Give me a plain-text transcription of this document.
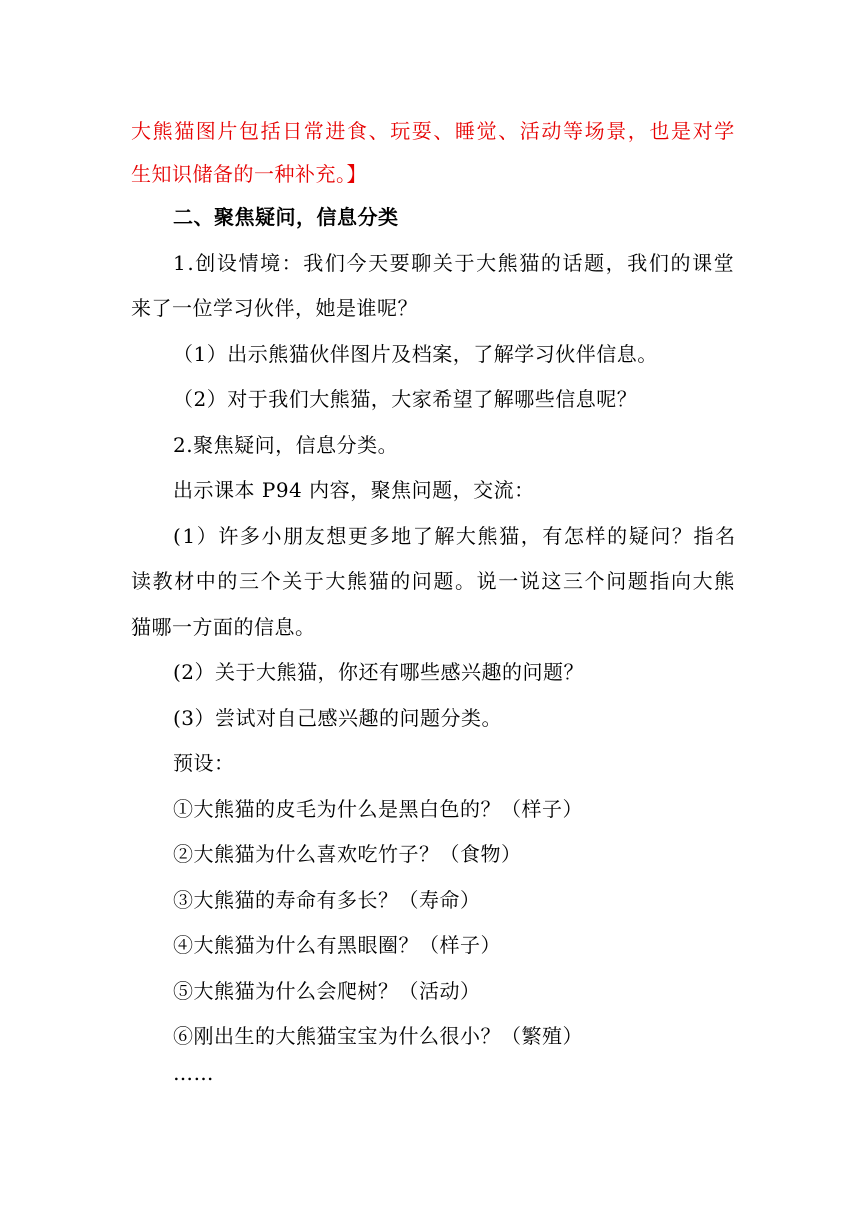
大熊猫图片包括日常进食、玩耍、睡觉、活动等场景，也是对学
生知识储备的一种补充。】
二、聚焦疑问，信息分类
1.创设情境：我们今天要聊关于大熊猫的话题，我们的课堂
来了一位学习伙伴，她是谁呢？
（1）出示熊猫伙伴图片及档案，了解学习伙伴信息。
（2）对于我们大熊猫，大家希望了解哪些信息呢？
2.聚焦疑问，信息分类。
出示课本 P94 内容，聚焦问题，交流：
(1）许多小朋友想更多地了解大熊猫，有怎样的疑问？指名
读教材中的三个关于大熊猫的问题。说一说这三个问题指向大熊
猫哪一方面的信息。
(2）关于大熊猫，你还有哪些感兴趣的问题？
(3）尝试对自己感兴趣的问题分类。
预设：
①大熊猫的皮毛为什么是黑白色的？（样子）
②大熊猫为什么喜欢吃竹子？（食物）
③大熊猫的寿命有多长？（寿命）
④大熊猫为什么有黑眼圈？（样子）
⑤大熊猫为什么会爬树？（活动）
⑥刚出生的大熊猫宝宝为什么很小？（繁殖）
……
